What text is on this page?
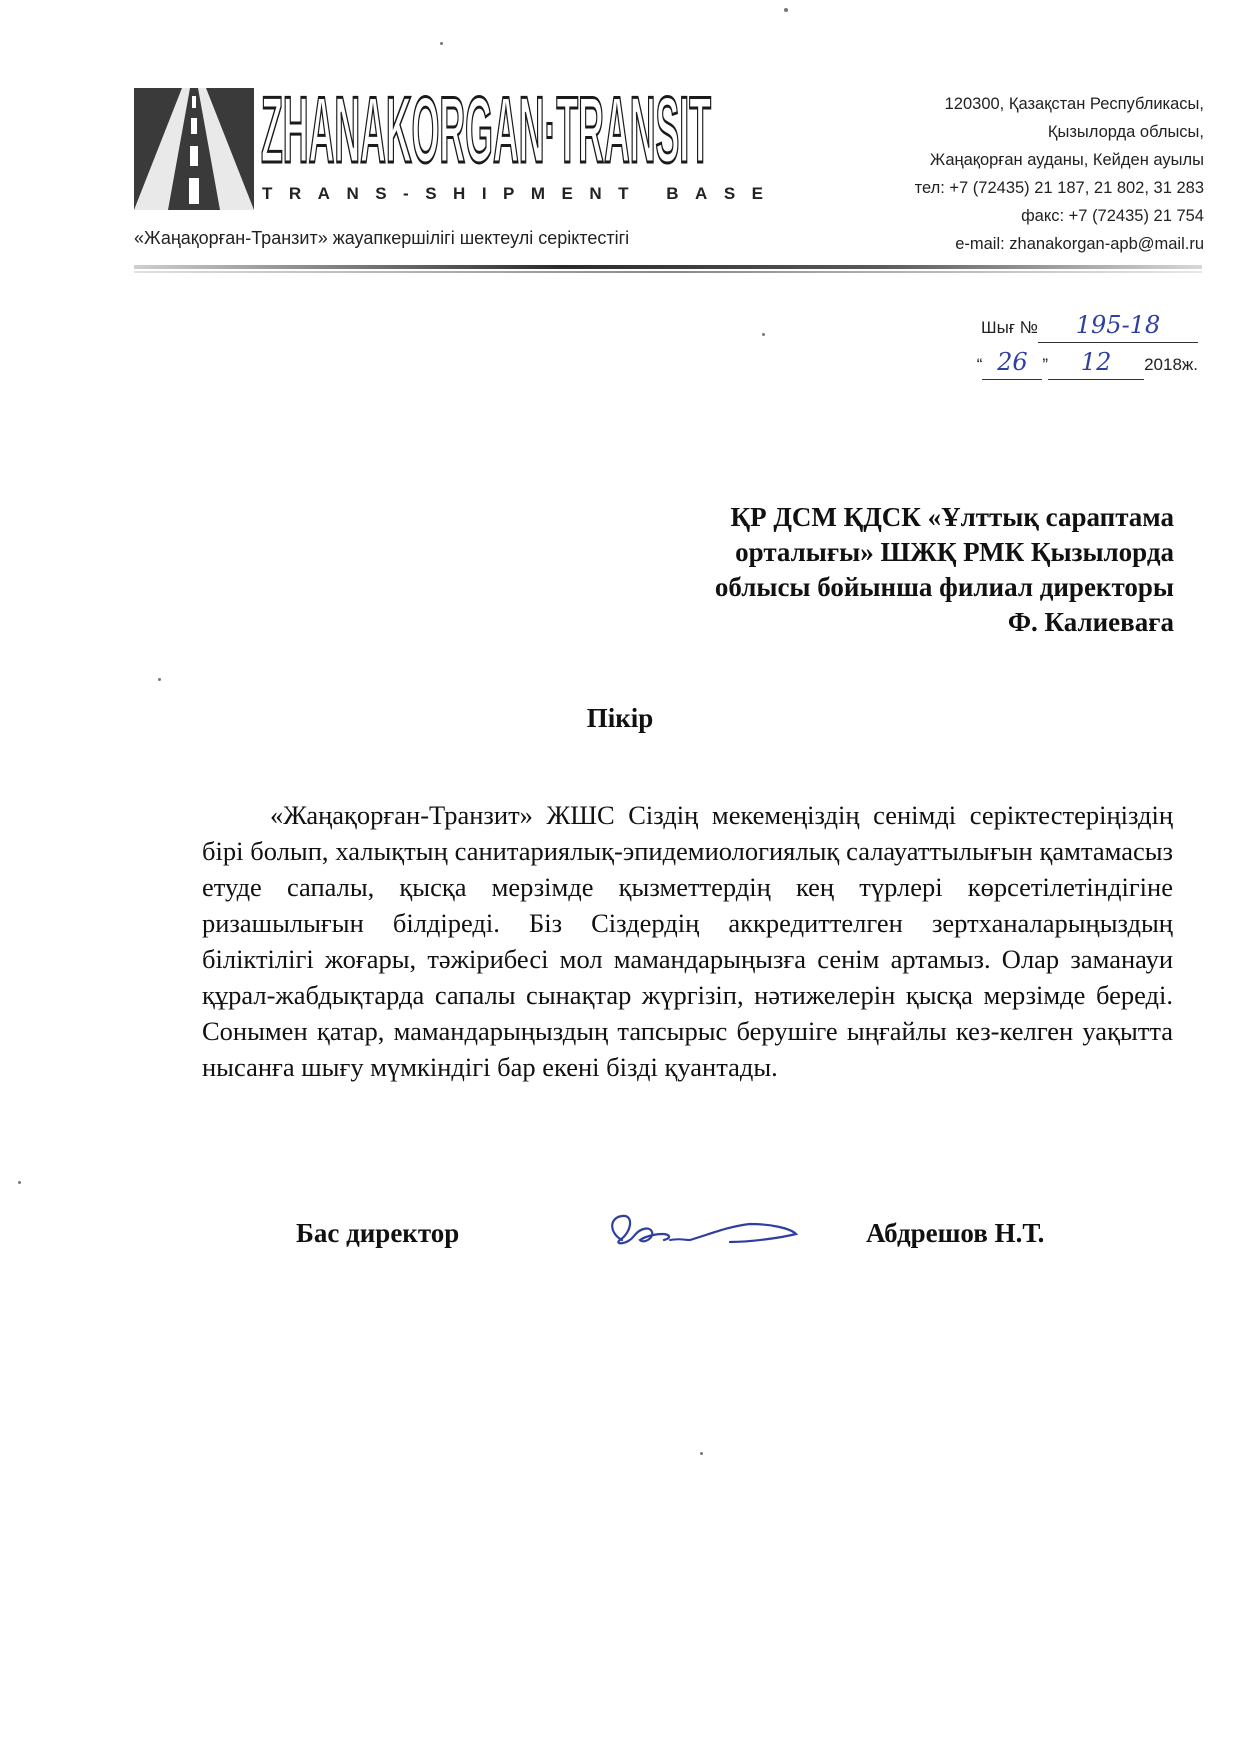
ZHANAKORGAN·TRANSIT
TRANS-SHIPMENT BASE
«Жаңақорған-Транзит» жауапкершілігі шектеулі серіктестігі
120300, Қазақстан Республикасы,
Қызылорда облысы,
Жаңақорған ауданы, Кейден ауылы
тел: +7 (72435) 21 187, 21 802, 31 283
факс: +7 (72435) 21 754
e-mail: zhanakorgan-apb@mail.ru
Шығ № 195-18
“ 26 ” 12 2018ж.
ҚР ДСМ ҚДСК «Ұлттық сараптама
орталығы» ШЖҚ РМК Қызылорда
облысы бойынша филиал директоры
Ф. Калиеваға
Пікір

«Жаңақорған-Транзит» ЖШС Сіздің мекемеңіздің сенімді серіктестеріңіздің бірі болып, халықтың санитариялық-эпидемиологиялық салауаттылығын қамтамасыз етуде сапалы, қысқа мерзімде қызметтердің кең түрлері көрсетілетіндігіне ризашылығын білдіреді. Біз Сіздердің аккредиттелген зертханаларыңыздың біліктілігі жоғары, тәжірибесі мол мамандарыңызға сенім артамыз. Олар заманауи құрал-жабдықтарда сапалы сынақтар жүргізіп, нәтижелерін қысқа мерзімде береді. Сонымен қатар, мамандарыңыздың тапсырыс берушіге ыңғайлы кез-келген уақытта нысанға шығу мүмкіндігі бар екені бізді қуантады.

Бас директор	Абдрешов Н.Т.
